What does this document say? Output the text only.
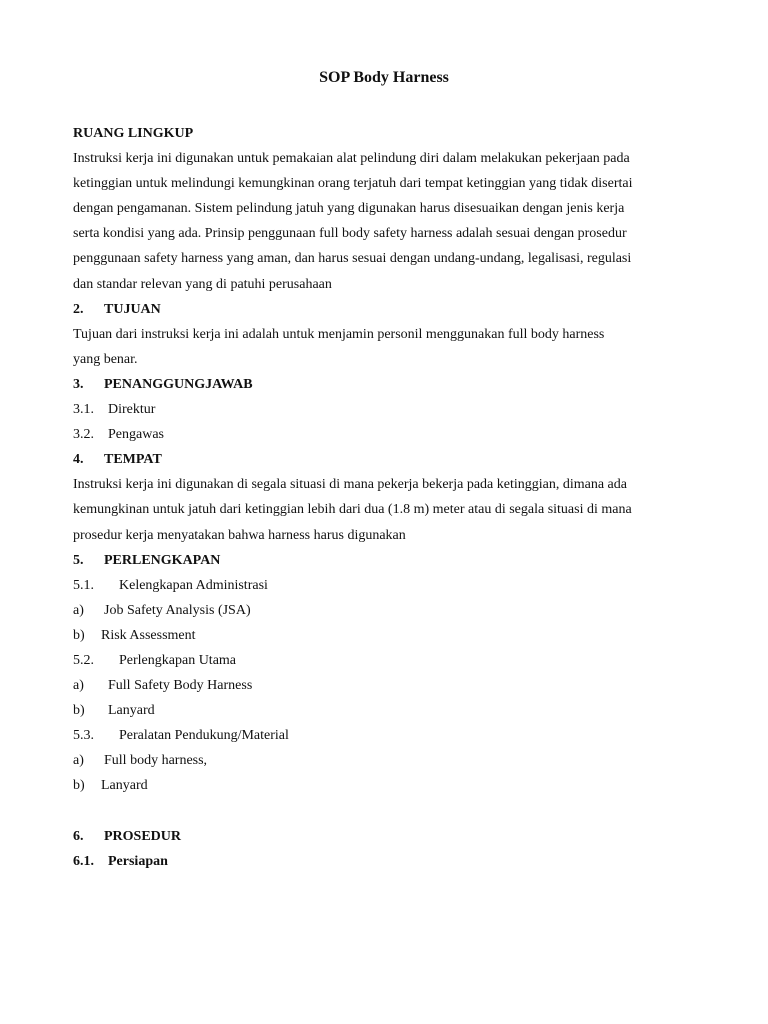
SOP Body Harness
RUANG LINGKUP
Instruksi kerja ini digunakan untuk pemakaian alat pelindung diri dalam melakukan pekerjaan pada
ketinggian untuk melindungi kemungkinan orang terjatuh dari tempat ketinggian yang tidak disertai
dengan pengamanan. Sistem pelindung jatuh yang digunakan harus disesuaikan dengan jenis kerja
serta kondisi yang ada. Prinsip penggunaan full body safety harness adalah sesuai dengan prosedur
penggunaan safety harness yang aman, dan harus sesuai dengan undang-undang, legalisasi, regulasi
dan standar relevan yang di patuhi perusahaan
2. TUJUAN
Tujuan dari instruksi kerja ini adalah untuk menjamin personil menggunakan full body harness
yang benar.
3. PENANGGUNGJAWAB
3.1. Direktur
3.2. Pengawas
4. TEMPAT
Instruksi kerja ini digunakan di segala situasi di mana pekerja bekerja pada ketinggian, dimana ada
kemungkinan untuk jatuh dari ketinggian lebih dari dua (1.8 m) meter atau di segala situasi di mana
prosedur kerja menyatakan bahwa harness harus digunakan
5. PERLENGKAPAN
5.1. Kelengkapan Administrasi
a) Job Safety Analysis (JSA)
b) Risk Assessment
5.2. Perlengkapan Utama
a) Full Safety Body Harness
b) Lanyard
5.3. Peralatan Pendukung/Material
a) Full body harness,
b) Lanyard
6. PROSEDUR
6.1. Persiapan
